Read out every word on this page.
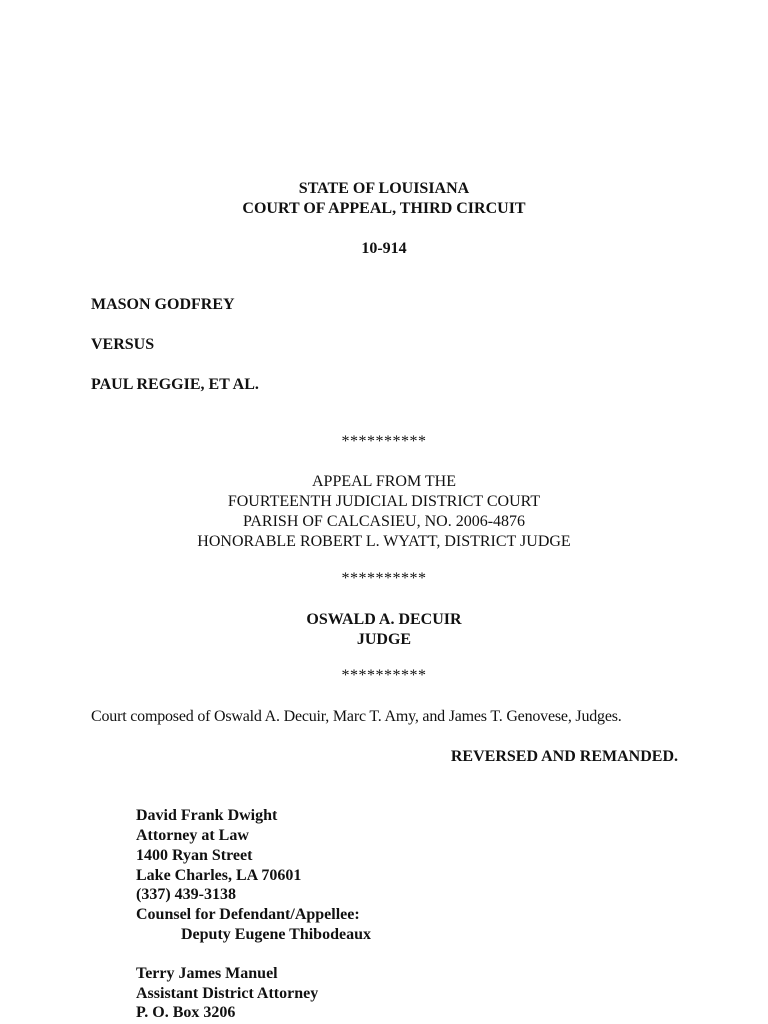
STATE OF LOUISIANA

COURT OF APPEAL, THIRD CIRCUIT

10-914

MASON GODFREY

VERSUS

PAUL REGGIE, ET AL.

**********

APPEAL FROM THE

FOURTEENTH JUDICIAL DISTRICT COURT

PARISH OF CALCASIEU, NO. 2006-4876

HONORABLE ROBERT L. WYATT, DISTRICT JUDGE

**********

OSWALD A. DECUIR

JUDGE

**********

Court composed of Oswald A. Decuir, Marc T. Amy, and James T. Genovese, Judges.

REVERSED AND REMANDED.

David Frank Dwight

Attorney at Law

1400 Ryan Street

Lake Charles, LA 70601

(337) 439-3138

Counsel for Defendant/Appellee:

Deputy Eugene Thibodeaux

Terry James Manuel

Assistant District Attorney

P. O. Box 3206
